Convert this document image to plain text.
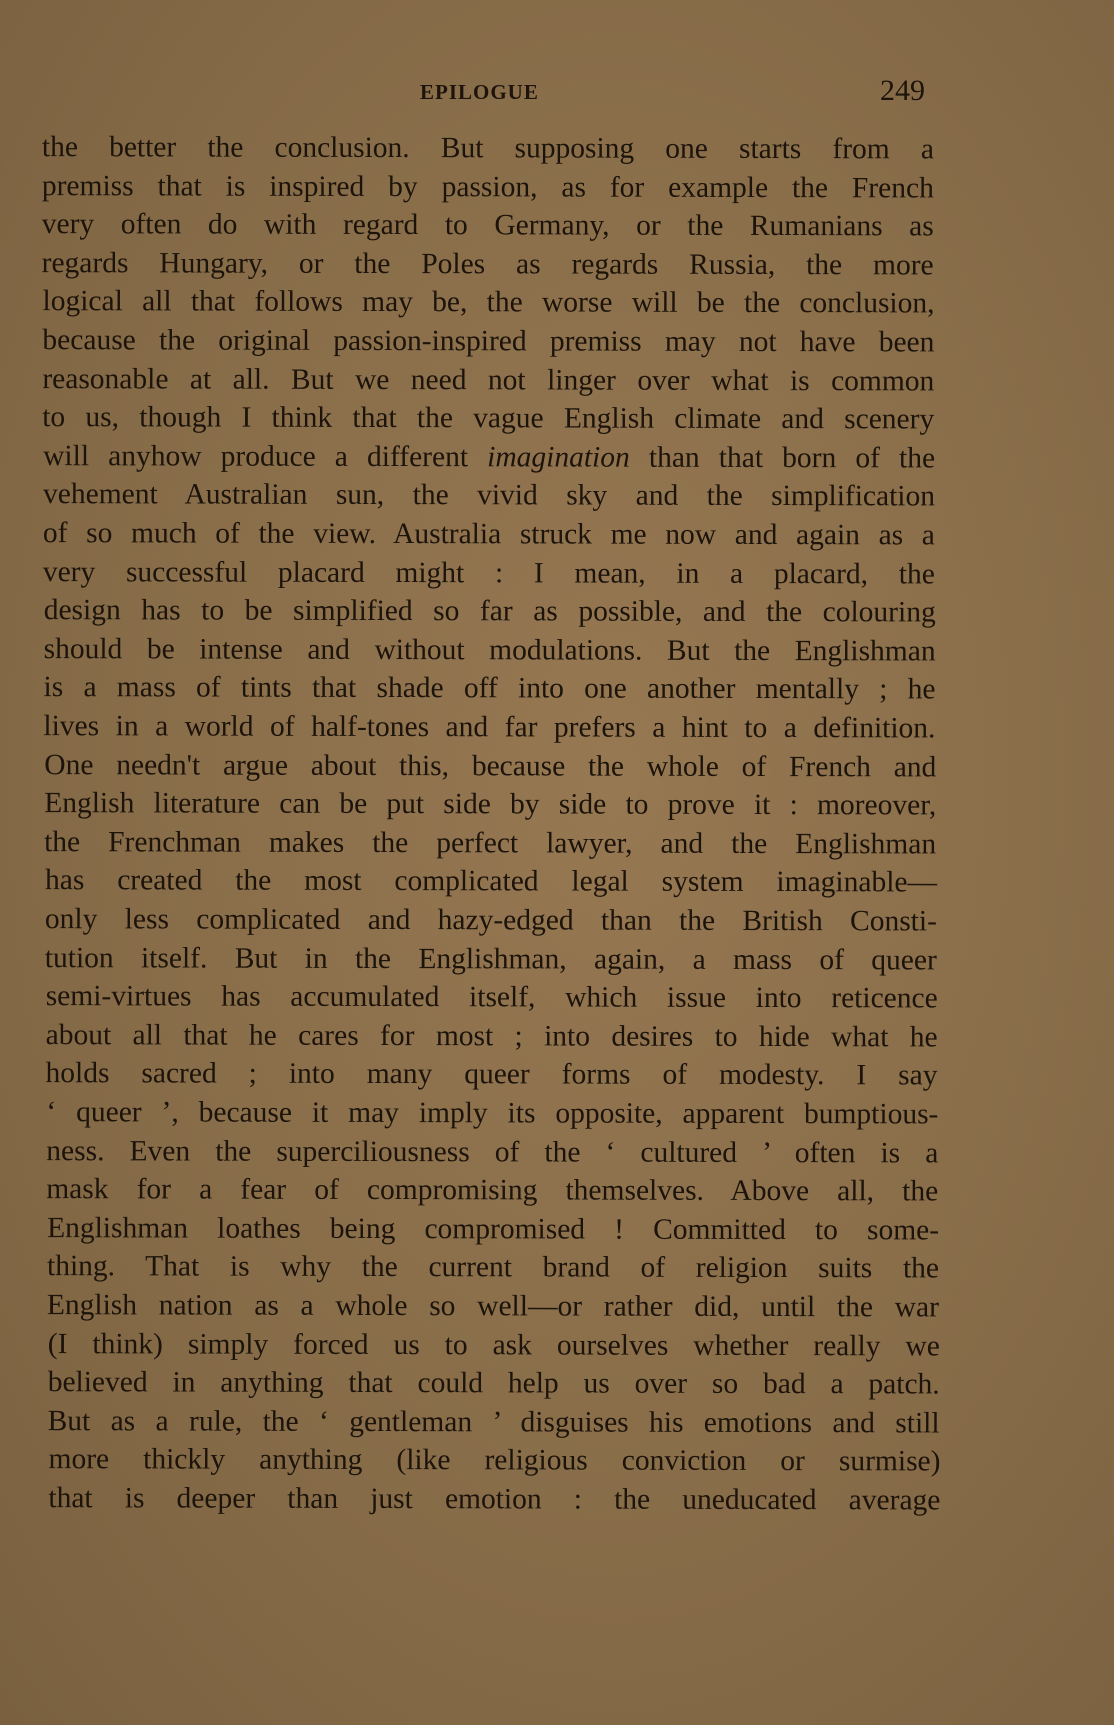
EPILOGUE	249
the better the conclusion. But supposing one starts from a
premiss that is inspired by passion, as for example the French
very often do with regard to Germany, or the Rumanians as
regards Hungary, or the Poles as regards Russia, the more
logical all that follows may be, the worse will be the conclusion,
because the original passion-inspired premiss may not have been
reasonable at all. But we need not linger over what is common
to us, though I think that the vague English climate and scenery
will anyhow produce a different imagination than that born of the
vehement Australian sun, the vivid sky and the simplification
of so much of the view. Australia struck me now and again as a
very successful placard might : I mean, in a placard, the
design has to be simplified so far as possible, and the colouring
should be intense and without modulations. But the Englishman
is a mass of tints that shade off into one another mentally ; he
lives in a world of half-tones and far prefers a hint to a definition.
One needn't argue about this, because the whole of French and
English literature can be put side by side to prove it : moreover,
the Frenchman makes the perfect lawyer, and the Englishman
has created the most complicated legal system imaginable—
only less complicated and hazy-edged than the British Consti-
tution itself. But in the Englishman, again, a mass of queer
semi-virtues has accumulated itself, which issue into reticence
about all that he cares for most ; into desires to hide what he
holds sacred ; into many queer forms of modesty. I say
‘ queer ’, because it may imply its opposite, apparent bumptious-
ness. Even the superciliousness of the ‘ cultured ’ often is a
mask for a fear of compromising themselves. Above all, the
Englishman loathes being compromised ! Committed to some-
thing. That is why the current brand of religion suits the
English nation as a whole so well—or rather did, until the war
(I think) simply forced us to ask ourselves whether really we
believed in anything that could help us over so bad a patch.
But as a rule, the ‘ gentleman ’ disguises his emotions and still
more thickly anything (like religious conviction or surmise)
that is deeper than just emotion : the uneducated average
